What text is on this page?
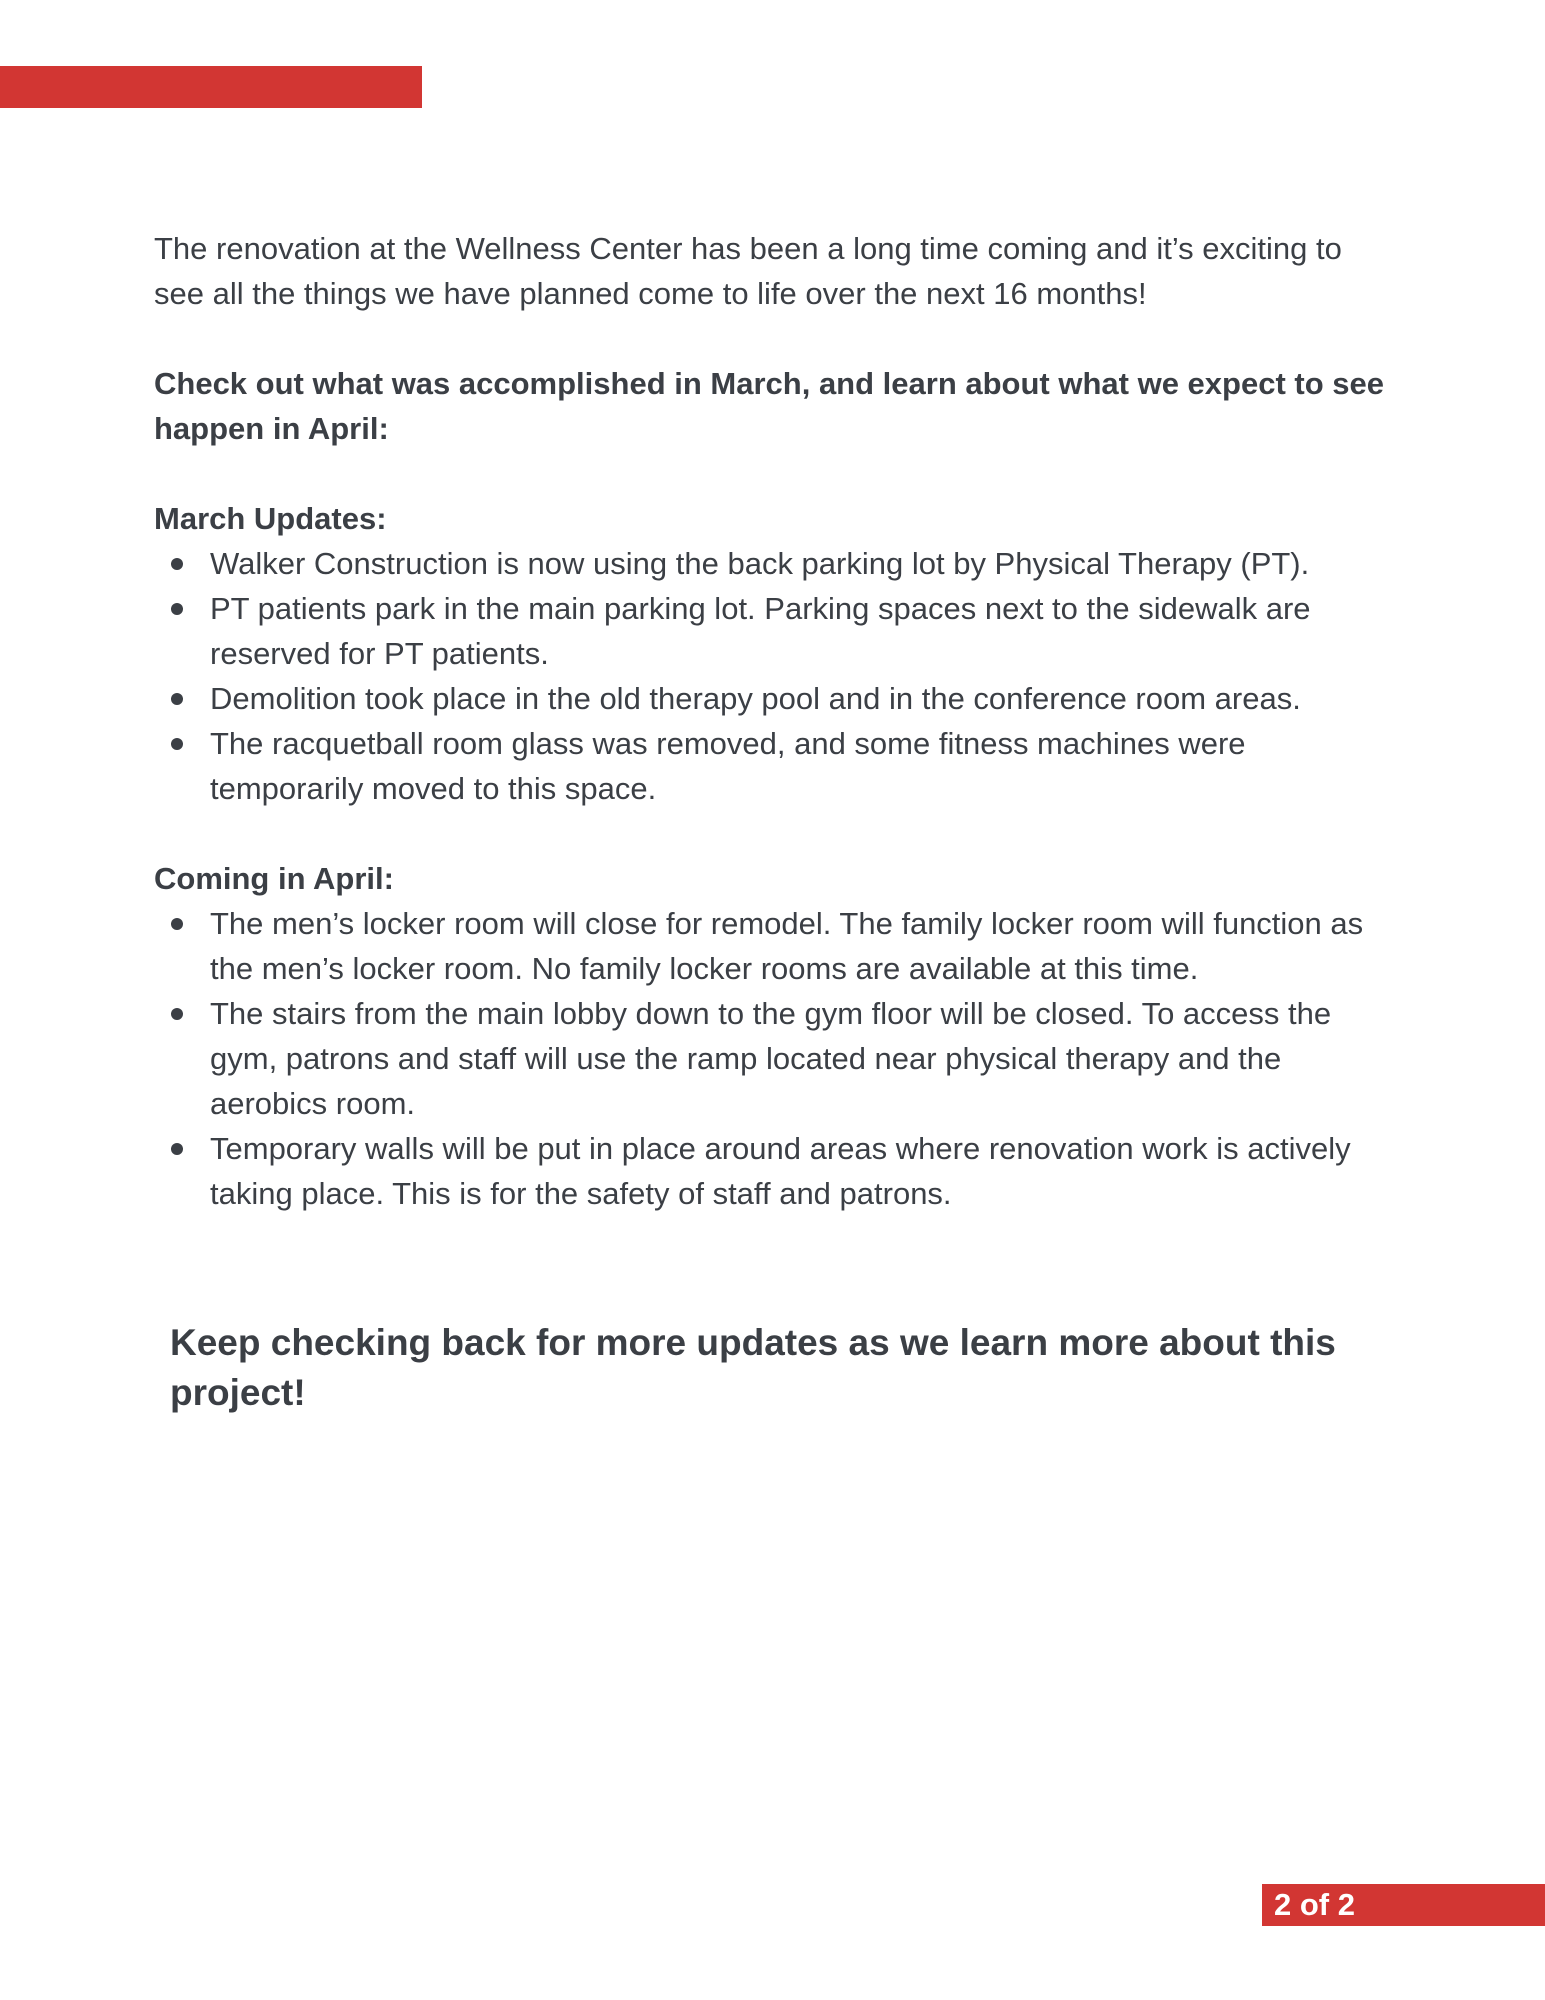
The renovation at the Wellness Center has been a long time coming and it’s exciting to see all the things we have planned come to life over the next 16 months!

Check out what was accomplished in March, and learn about what we expect to see happen in April:

March Updates:

Walker Construction is now using the back parking lot by Physical Therapy (PT).
PT patients park in the main parking lot. Parking spaces next to the sidewalk are reserved for PT patients.
Demolition took place in the old therapy pool and in the conference room areas.
The racquetball room glass was removed, and some fitness machines were temporarily moved to this space.

Coming in April:

The men’s locker room will close for remodel. The family locker room will function as the men’s locker room. No family locker rooms are available at this time.
The stairs from the main lobby down to the gym floor will be closed. To access the gym, patrons and staff will use the ramp located near physical therapy and the aerobics room.
Temporary walls will be put in place around areas where renovation work is actively taking place. This is for the safety of staff and patrons.
Keep checking back for more updates as we learn more about this project!
2 of 2
